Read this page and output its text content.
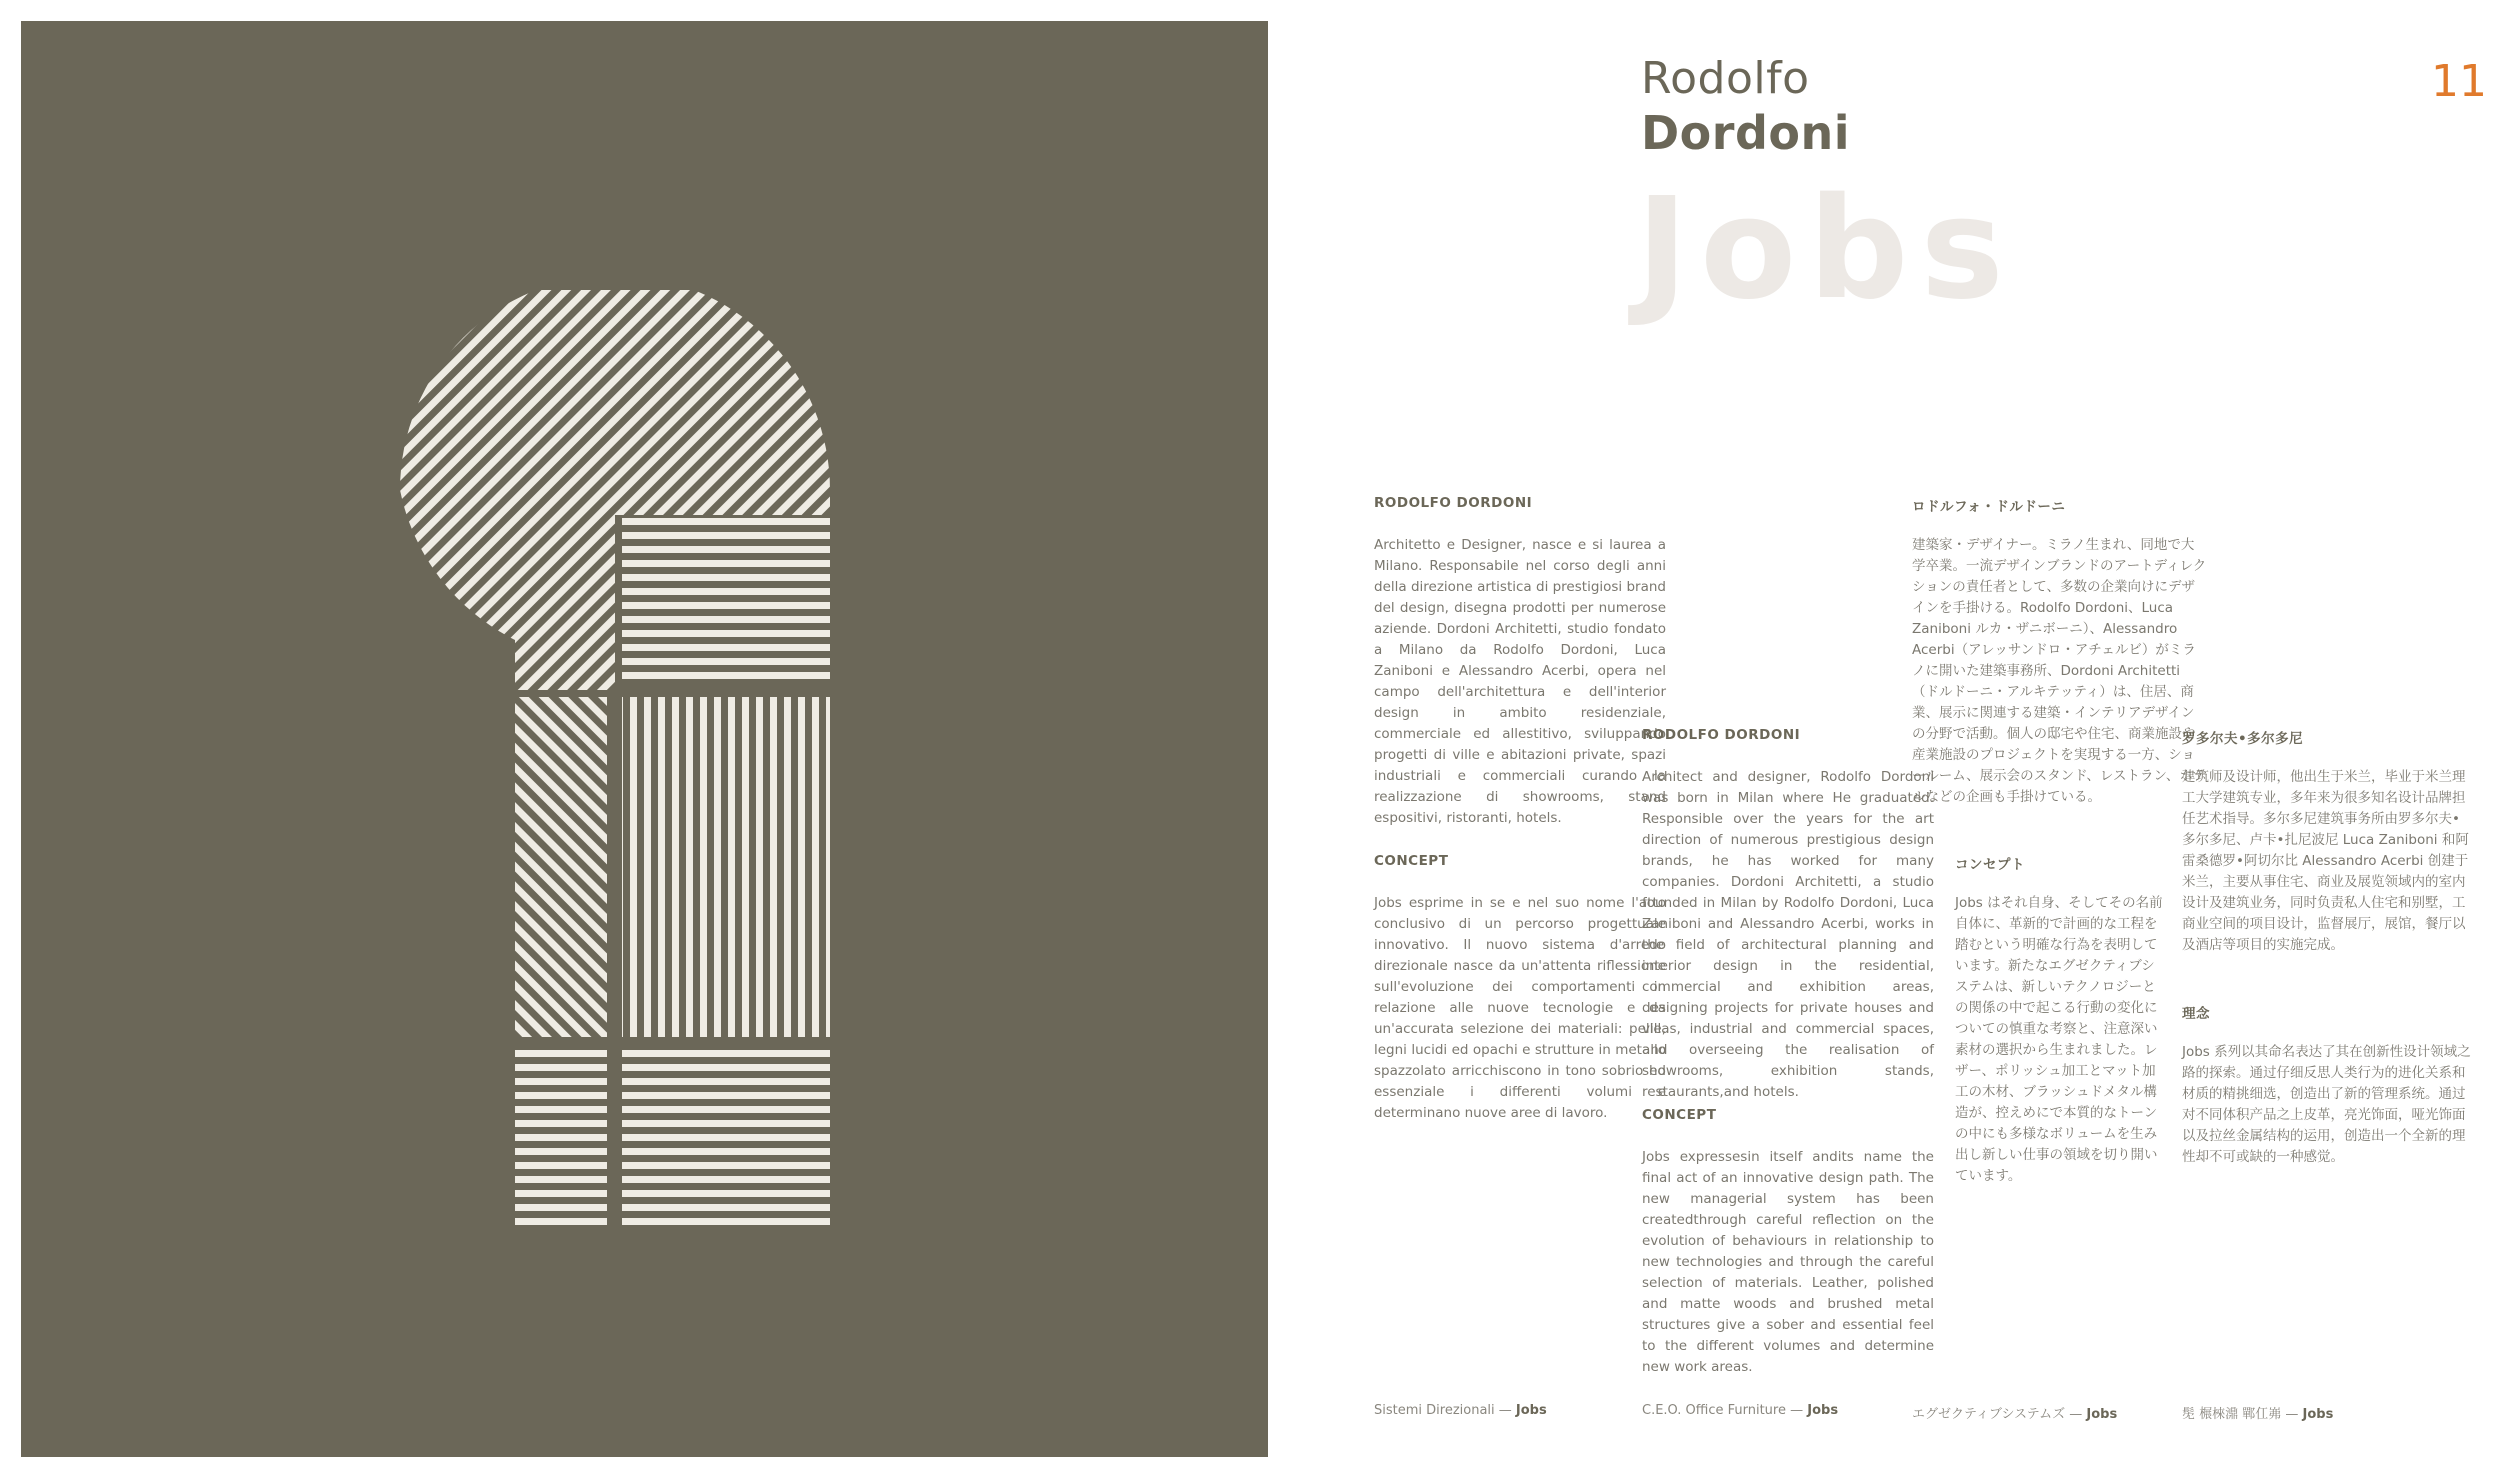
Rodolfo
Dordoni
11
Jobs
RODOLFO DORDONI
Architetto e Designer, nasce e si laurea a Milano. Responsabile nel corso degli anni della direzione artistica di prestigiosi brand del design, disegna prodotti per numerose aziende. Dordoni Architetti, studio fondato a Milano da Rodolfo Dordoni, Luca Zaniboni e Alessandro Acerbi, opera nel campo dell'architettura e dell'interior design in ambito residenziale, commerciale ed allestitivo, sviluppando progetti di ville e abitazioni private, spazi industriali e commerciali curando la realizzazione di showrooms, stand espositivi, ristoranti, hotels.
CONCEPT
Jobs esprime in se e nel suo nome l'atto conclusivo di un percorso progettuale innovativo. Il nuovo sistema d'arredo direzionale nasce da un'attenta riflessione sull'evoluzione dei comportamenti in relazione alle nuove tecnologie e da un'accurata selezione dei materiali: pelle, legni lucidi ed opachi e strutture in metallo spazzolato arricchiscono in tono sobrio ed essenziale i differenti volumi e determinano nuove aree di lavoro.
RODOLFO DORDONI
Architect and designer, Rodolfo Dordoni was born in Milan where He graduated. Responsible over the years for the art direction of numerous prestigious design brands, he has worked for many companies. Dordoni Architetti, a studio founded in Milan by Rodolfo Dordoni, Luca Zaniboni and Alessandro Acerbi, works in the field of architectural planning and interior design in the residential, commercial and exhibition areas, designing projects for private houses and villas, industrial and commercial spaces, and overseeing the realisation of showrooms, exhibition stands, restaurants,and hotels.
CONCEPT
Jobs expressesin itself andits name the final act of an innovative design path. The new managerial system has been createdthrough careful reflection on the evolution of behaviours in relationship to new technologies and through the careful selection of materials. Leather, polished and matte woods and brushed metal structures give a sober and essential feel to the different volumes and determine new work areas.
ロドルフォ・ドルドーニ
建築家・デザイナー。ミラノ生まれ、同地で大学卒業。一流デザインブランドのアートディレクションの責任者として、多数の企業向けにデザインを手掛ける。Rodolfo Dordoni、Luca Zaniboni ルカ・ザニボーニ）、Alessandro Acerbi（アレッサンドロ・アチェルビ）がミラノに開いた建築事務所、Dordoni Architetti （ドルドーニ・アルキテッティ）は、住居、商業、展示に関連する建築・インテリアデザインの分野で活動。個人の邸宅や住宅、商業施設や産業施設のプロジェクトを実現する一方、ショールーム、展示会のスタンド、レストラン、ホテルなどの企画も手掛けている。
コンセプト
Jobs はそれ自身、そしてその名前自体に、革新的で計画的な工程を踏むという明確な行為を表明しています。新たなエグゼクティブシステムは、新しいテクノロジーとの関係の中で起こる行動の変化についての慎重な考察と、注意深い素材の選択から生まれました。レザー、ポリッシュ加工とマット加工の木材、ブラッシュドメタル構造が、控えめにで本質的なトーンの中にも多様なボリュームを生み出し新しい仕事の領域を切り開いています。
罗多尔夫•多尔多尼
建筑师及设计师，他出生于米兰，毕业于米兰理工大学建筑专业，多年来为很多知名设计品牌担任艺术指导。多尔多尼建筑事务所由罗多尔夫•多尔多尼、卢卡•扎尼波尼 Luca Zaniboni 和阿雷桑德罗•阿切尔比 Alessandro Acerbi 创建于米兰，主要从事住宅、商业及展览领域内的室内设计及建筑业务，同时负责私人住宅和别墅，工商业空间的项目设计，监督展厅，展馆，餐厅以及酒店等项目的实施完成。
理念
Jobs 系列以其命名表达了其在创新性设计领域之路的探索。通过仔细反思人类行为的进化关系和材质的精挑细选，创造出了新的管理系统。通过对不同体积产品之上皮革，亮光饰面，哑光饰面以及拉丝金属结构的运用，创造出一个全新的理性却不可或缺的一种感觉。
Sistemi Direzionali — Jobs	C.E.O. Office Furniture — Jobs	エグゼクティブシステムズ — Jobs	髧 榐棶濎 鄲仜岪 — Jobs
